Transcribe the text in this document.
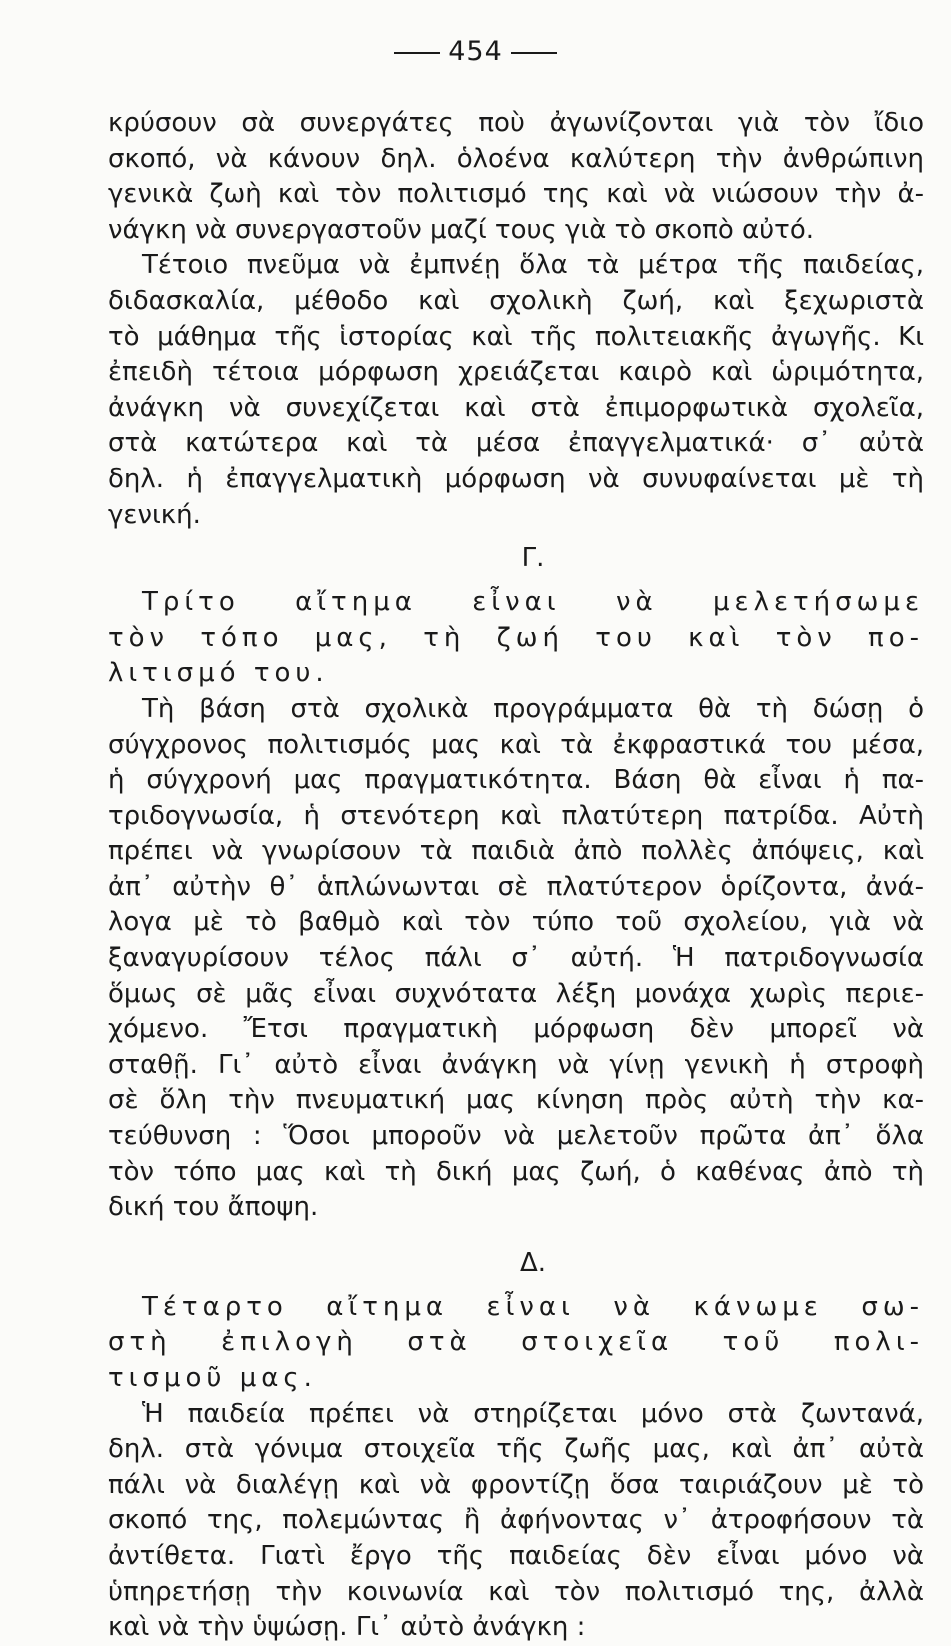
454
κρύσουν σὰ συνεργάτες ποὺ ἀγωνίζονται γιὰ τὸν ἴδιο
σκοπό, νὰ κάνουν δηλ. ὁλοένα καλύτερη τὴν ἀνθρώπινη
γενικὰ ζωὴ καὶ τὸν πολιτισμό της καὶ νὰ νιώσουν τὴν ἀ-
νάγκη νὰ συνεργαστοῦν μαζί τους γιὰ τὸ σκοπὸ αὐτό.
Τέτοιο πνεῦμα νὰ ἐμπνέῃ ὅλα τὰ μέτρα τῆς παιδείας,
διδασκαλία, μέθοδο καὶ σχολικὴ ζωή, καὶ ξεχωριστὰ
τὸ μάθημα τῆς ἱστορίας καὶ τῆς πολιτειακῆς ἀγωγῆς. Κι
ἐπειδὴ τέτοια μόρφωση χρειάζεται καιρὸ καὶ ὡριμότητα,
ἀνάγκη νὰ συνεχίζεται καὶ στὰ ἐπιμορφωτικὰ σχολεῖα,
στὰ κατώτερα καὶ τὰ μέσα ἐπαγγελματικά· σ᾽ αὐτὰ
δηλ. ἡ ἐπαγγελματικὴ μόρφωση νὰ συνυφαίνεται μὲ τὴ
γενική.
Γ.
Τρίτο αἴτημα εἶναι νὰ μελετήσωμε
τὸν τόπο μας, τὴ ζωή του καὶ τὸν πο-
λιτισμό του.
Τὴ βάση στὰ σχολικὰ προγράμματα θὰ τὴ δώσῃ ὁ
σύγχρονος πολιτισμός μας καὶ τὰ ἐκφραστικά του μέσα,
ἡ σύγχρονή μας πραγματικότητα. Βάση θὰ εἶναι ἡ πα-
τριδογνωσία, ἡ στενότερη καὶ πλατύτερη πατρίδα. Αὐτὴ
πρέπει νὰ γνωρίσουν τὰ παιδιὰ ἀπὸ πολλὲς ἀπόψεις, καὶ
ἀπ᾽ αὐτὴν θ᾽ ἁπλώνωνται σὲ πλατύτερον ὁρίζοντα, ἀνά-
λογα μὲ τὸ βαθμὸ καὶ τὸν τύπο τοῦ σχολείου, γιὰ νὰ
ξαναγυρίσουν τέλος πάλι σ᾽ αὐτή. Ἡ πατριδογνωσία
ὅμως σὲ μᾶς εἶναι συχνότατα λέξη μονάχα χωρὶς περιε-
χόμενο. Ἔτσι πραγματικὴ μόρφωση δὲν μπορεῖ νὰ
σταθῇ. Γι᾽ αὐτὸ εἶναι ἀνάγκη νὰ γίνῃ γενικὴ ἡ στροφὴ
σὲ ὅλη τὴν πνευματική μας κίνηση πρὸς αὐτὴ τὴν κα-
τεύθυνση : Ὅσοι μποροῦν νὰ μελετοῦν πρῶτα ἀπ᾽ ὅλα
τὸν τόπο μας καὶ τὴ δική μας ζωή, ὁ καθένας ἀπὸ τὴ
δική του ἄποψη.
Δ.
Τέταρτο αἴτημα εἶναι νὰ κάνωμε σω-
στὴ ἐπιλογὴ στὰ στοιχεῖα τοῦ πολι-
τισμοῦ μας.
Ἡ παιδεία πρέπει νὰ στηρίζεται μόνο στὰ ζωντανά,
δηλ. στὰ γόνιμα στοιχεῖα τῆς ζωῆς μας, καὶ ἀπ᾽ αὐτὰ
πάλι νὰ διαλέγῃ καὶ νὰ φροντίζῃ ὅσα ταιριάζουν μὲ τὸ
σκοπό της, πολεμώντας ἢ ἀφήνοντας ν᾽ ἀτροφήσουν τὰ
ἀντίθετα. Γιατὶ ἔργο τῆς παιδείας δὲν εἶναι μόνο νὰ
ὑπηρετήσῃ τὴν κοινωνία καὶ τὸν πολιτισμό της, ἀλλὰ
καὶ νὰ τὴν ὑψώσῃ. Γι᾽ αὐτὸ ἀνάγκη :
